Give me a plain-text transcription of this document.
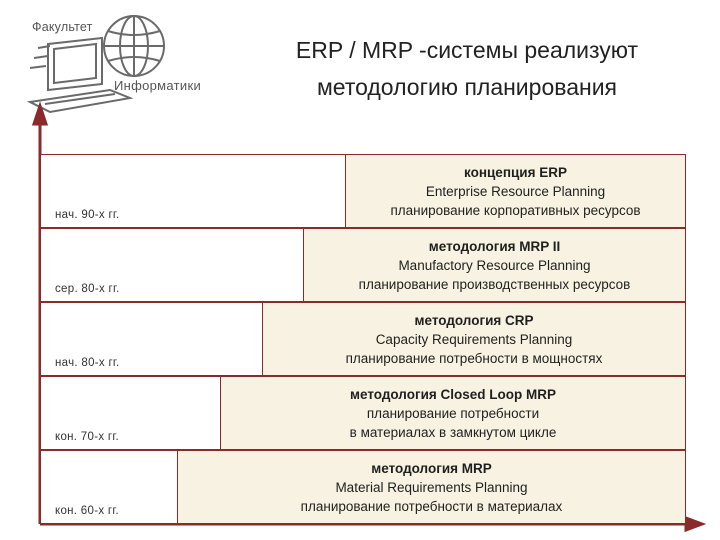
Факультет
Информатики
ERP / MRP -системы реализуют
методологию планирования
нач. 90-х гг.
концепция ERP
Enterprise Resource Planning
планирование корпоративных ресурсов
сер. 80-х гг.
методология MRP II
Manufactory Resource Planning
планирование производственных ресурсов
нач. 80-х гг.
методология CRP
Capacity Requirements Planning
планирование потребности в мощностях
кон. 70-х гг.
методология Closed Loop MRP
планирование потребности
в материалах в замкнутом цикле
кон. 60-х гг.
методология MRP
Material Requirements Planning
планирование потребности в материалах
